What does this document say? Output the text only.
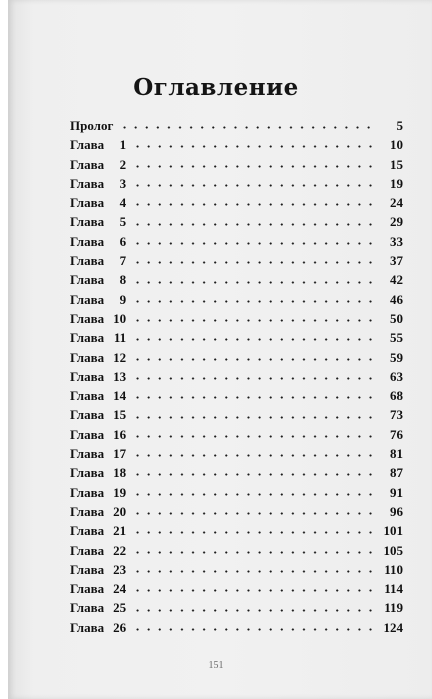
Оглавление
Пролог	5
Глава	1	10
Глава	2	15
Глава	3	19
Глава	4	24
Глава	5	29
Глава	6	33
Глава	7	37
Глава	8	42
Глава	9	46
Глава 10	50
Глава 11	55
Глава 12	59
Глава 13	63
Глава 14	68
Глава 15	73
Глава 16	76
Глава 17	81
Глава 18	87
Глава 19	91
Глава 20	96
Глава 21	101
Глава 22	105
Глава 23	110
Глава 24	114
Глава 25	119
Глава 26	124
151
